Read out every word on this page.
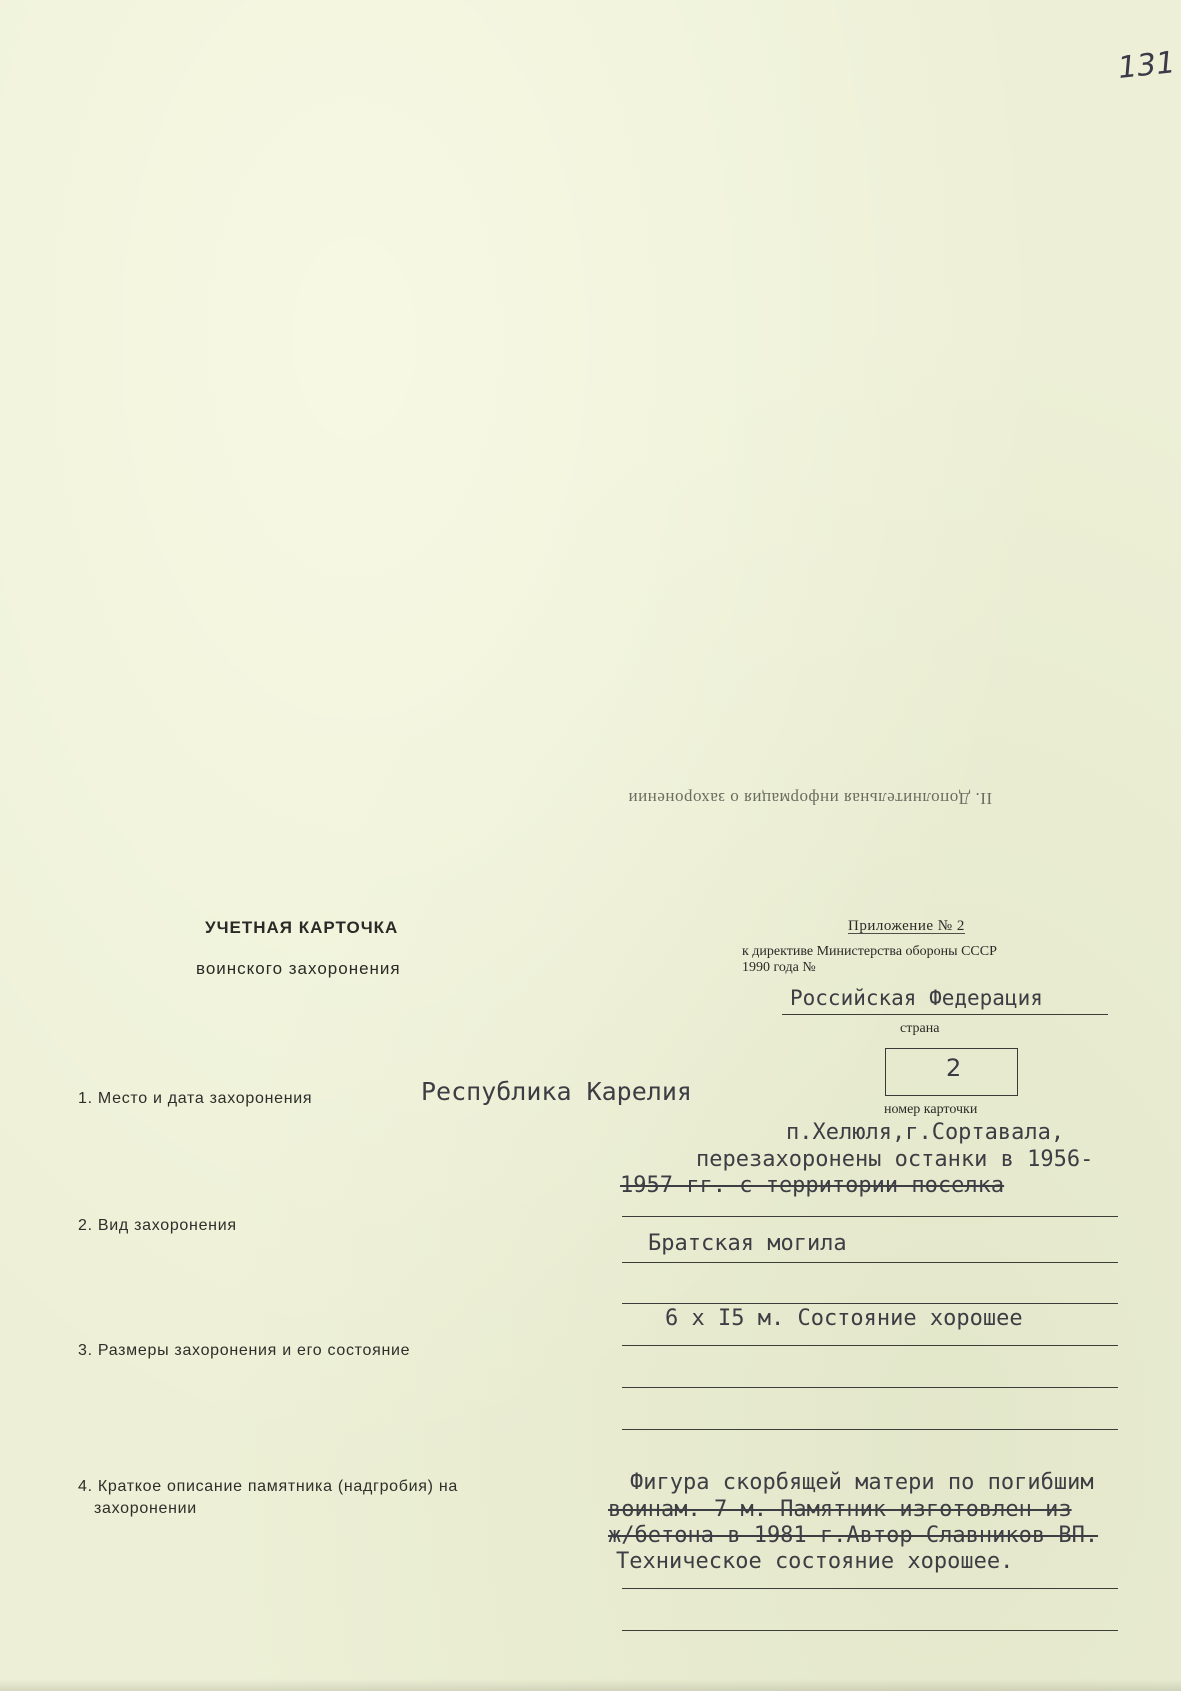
131
II. Дополнительная информация о захоронении
УЧЕТНАЯ КАРТОЧКА
воинского захоронения
Приложение № 2
к директиве Министерства обороны СССР
1990 года №
Российская Федерация
страна
2
номер карточки
1. Место и дата захоронения	Республика Карелия
п.Хелюля,г.Сортавала,
перезахоронены останки в 1956-
1957 гг. с территории поселка
2. Вид захоронения
Братская могила
3. Размеры захоронения и его состояние
6 x I5 м. Состояние хорошее
4. Краткое описание памятника (надгробия) на
захоронении
Фигура скорбящей матери по погибшим
воинам. 7 м. Памятник изготовлен из
ж/бетона в 1981 г.Автор Славников ВП.
Техническое состояние хорошее.
